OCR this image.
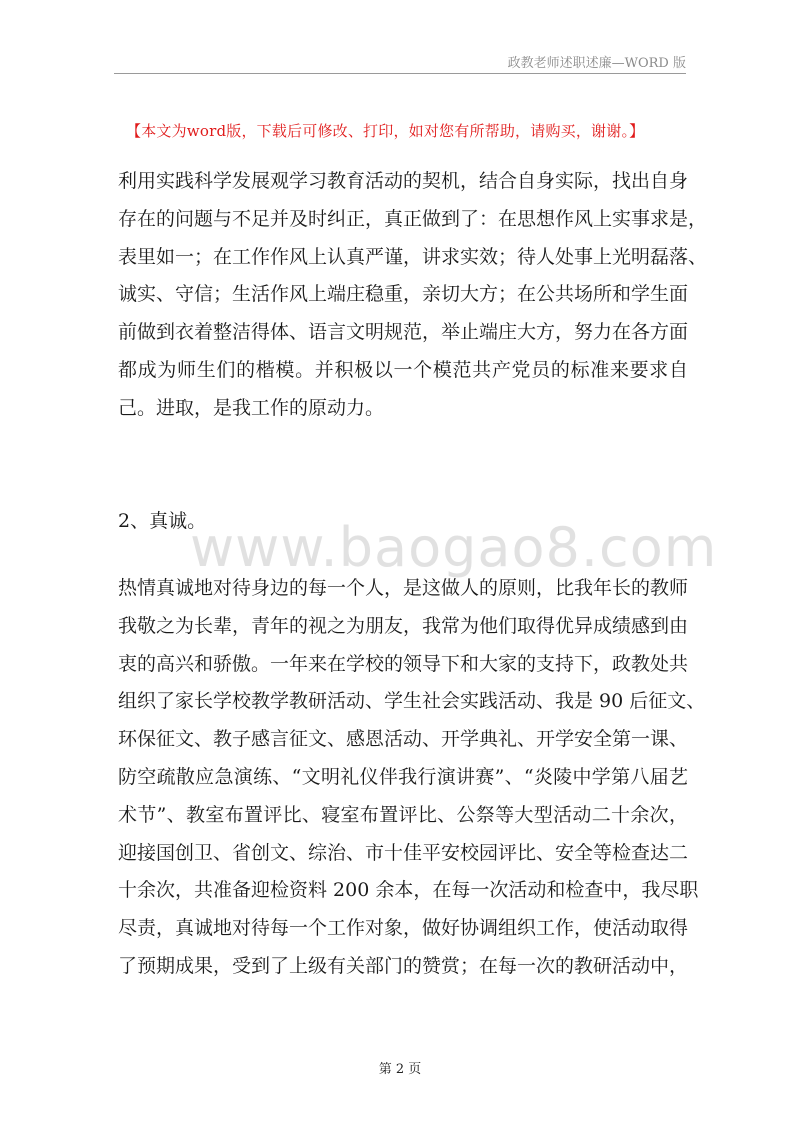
政教老师述职述廉—WORD 版
【本文为word版，下载后可修改、打印，如对您有所帮助，请购买，谢谢。】
利用实践科学发展观学习教育活动的契机，结合自身实际，找出自身
存在的问题与不足并及时纠正，真正做到了：在思想作风上实事求是，
表里如一；在工作作风上认真严谨，讲求实效；待人处事上光明磊落、
诚实、守信；生活作风上端庄稳重，亲切大方；在公共场所和学生面
前做到衣着整洁得体、语言文明规范，举止端庄大方，努力在各方面
都成为师生们的楷模。并积极以一个模范共产党员的标准来要求自
己。进取，是我工作的原动力。
2、真诚。
www.baogao8.com
热情真诚地对待身边的每一个人，是这做人的原则，比我年长的教师
我敬之为长辈，青年的视之为朋友，我常为他们取得优异成绩感到由
衷的高兴和骄傲。一年来在学校的领导下和大家的支持下，政教处共
组织了家长学校教学教研活动、学生社会实践活动、我是 90 后征文、
环保征文、教子感言征文、感恩活动、开学典礼、开学安全第一课、
防空疏散应急演练、“文明礼仪伴我行演讲赛”、“炎陵中学第八届艺
术节”、教室布置评比、寝室布置评比、公祭等大型活动二十余次，
迎接国创卫、省创文、综治、市十佳平安校园评比、安全等检查达二
十余次，共准备迎检资料 200 余本，在每一次活动和检查中，我尽职
尽责，真诚地对待每一个工作对象，做好协调组织工作，使活动取得
了预期成果，受到了上级有关部门的赞赏；在每一次的教研活动中，
第 2 页
